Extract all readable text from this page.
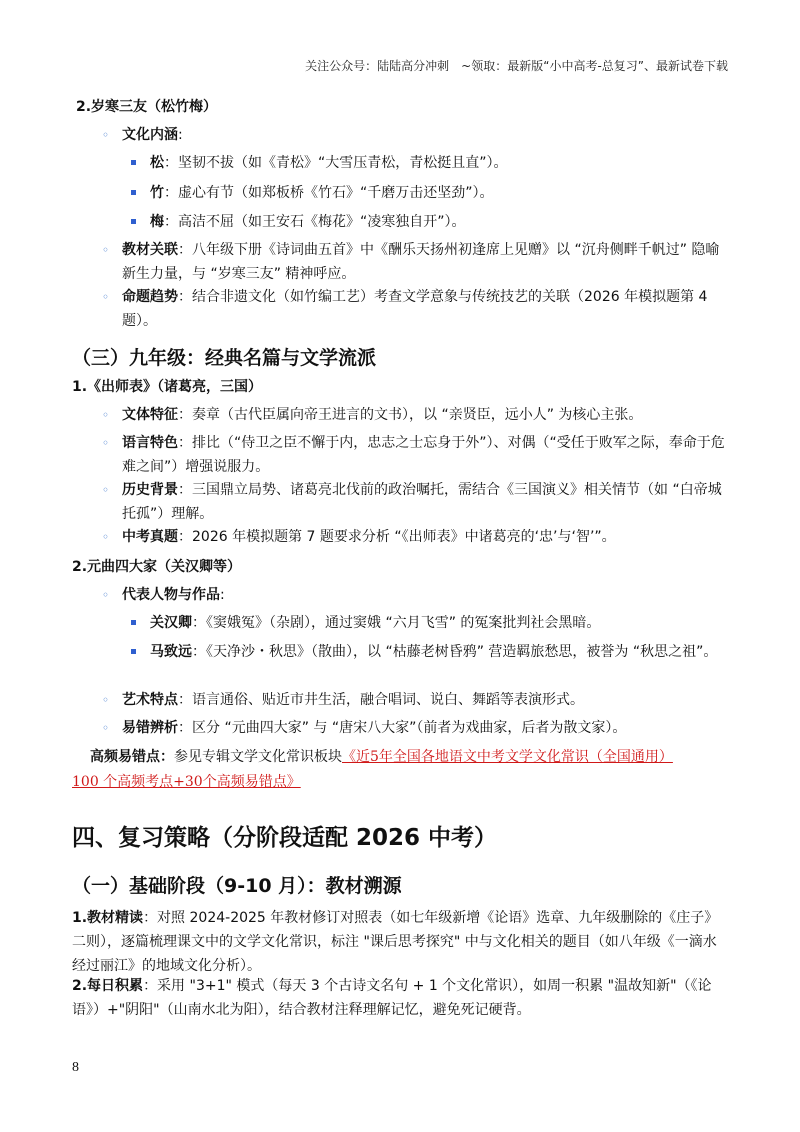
关注公众号：陆陆高分冲刺　~领取：最新版“小中高考-总复习”、最新试卷下载
2.岁寒三友（松竹梅）
◦ 文化内涵:
松：坚韧不拔（如《青松》“大雪压青松，青松挺且直”）。
竹：虚心有节（如郑板桥《竹石》“千磨万击还坚劲”）。
梅：高洁不屈（如王安石《梅花》“凌寒独自开”）。
◦ 教材关联：八年级下册《诗词曲五首》中《酬乐天扬州初逢席上见赠》以 “沉舟侧畔千帆过” 隐喻新生力量，与 “岁寒三友” 精神呼应。
◦ 命题趋势：结合非遗文化（如竹编工艺）考查文学意象与传统技艺的关联（2026 年模拟题第 4 题）。
（三）九年级：经典名篇与文学流派
1.《出师表》（诸葛亮，三国）
◦ 文体特征：奏章（古代臣属向帝王进言的文书），以 “亲贤臣，远小人” 为核心主张。
◦ 语言特色：排比（“侍卫之臣不懈于内，忠志之士忘身于外”）、对偶（“受任于败军之际，奉命于危难之间”）增强说服力。
◦ 历史背景：三国鼎立局势、诸葛亮北伐前的政治嘱托，需结合《三国演义》相关情节（如 “白帝城托孤”）理解。
◦ 中考真题：2026 年模拟题第 7 题要求分析 “《出师表》中诸葛亮的‘忠’与‘智’”。
2.元曲四大家（关汉卿等）
◦ 代表人物与作品:
关汉卿：《窦娥冤》（杂剧），通过窦娥 “六月飞雪” 的冤案批判社会黑暗。
马致远：《天净沙・秋思》（散曲），以 “枯藤老树昏鸦” 营造羁旅愁思，被誉为 “秋思之祖”。
◦ 艺术特点：语言通俗、贴近市井生活，融合唱词、说白、舞蹈等表演形式。
◦ 易错辨析：区分 “元曲四大家” 与 “唐宋八大家”（前者为戏曲家，后者为散文家）。
高频易错点：参见专辑文学文化常识板块《近5年全国各地语文中考文学文化常识（全国通用）
100 个高频考点+30个高频易错点》
四、复习策略（分阶段适配 2026 中考）
（一）基础阶段（9-10 月）：教材溯源
1.教材精读：对照 2024-2025 年教材修订对照表（如七年级新增《论语》选章、九年级删除的《庄子》二则），逐篇梳理课文中的文学文化常识，标注 "课后思考探究" 中与文化相关的题目（如八年级《一滴水经过丽江》的地域文化分析）。
2.每日积累：采用 "3+1" 模式（每天 3 个古诗文名句 + 1 个文化常识），如周一积累 "温故知新"（《论语》）+"阴阳"（山南水北为阳），结合教材注释理解记忆，避免死记硬背。
8
